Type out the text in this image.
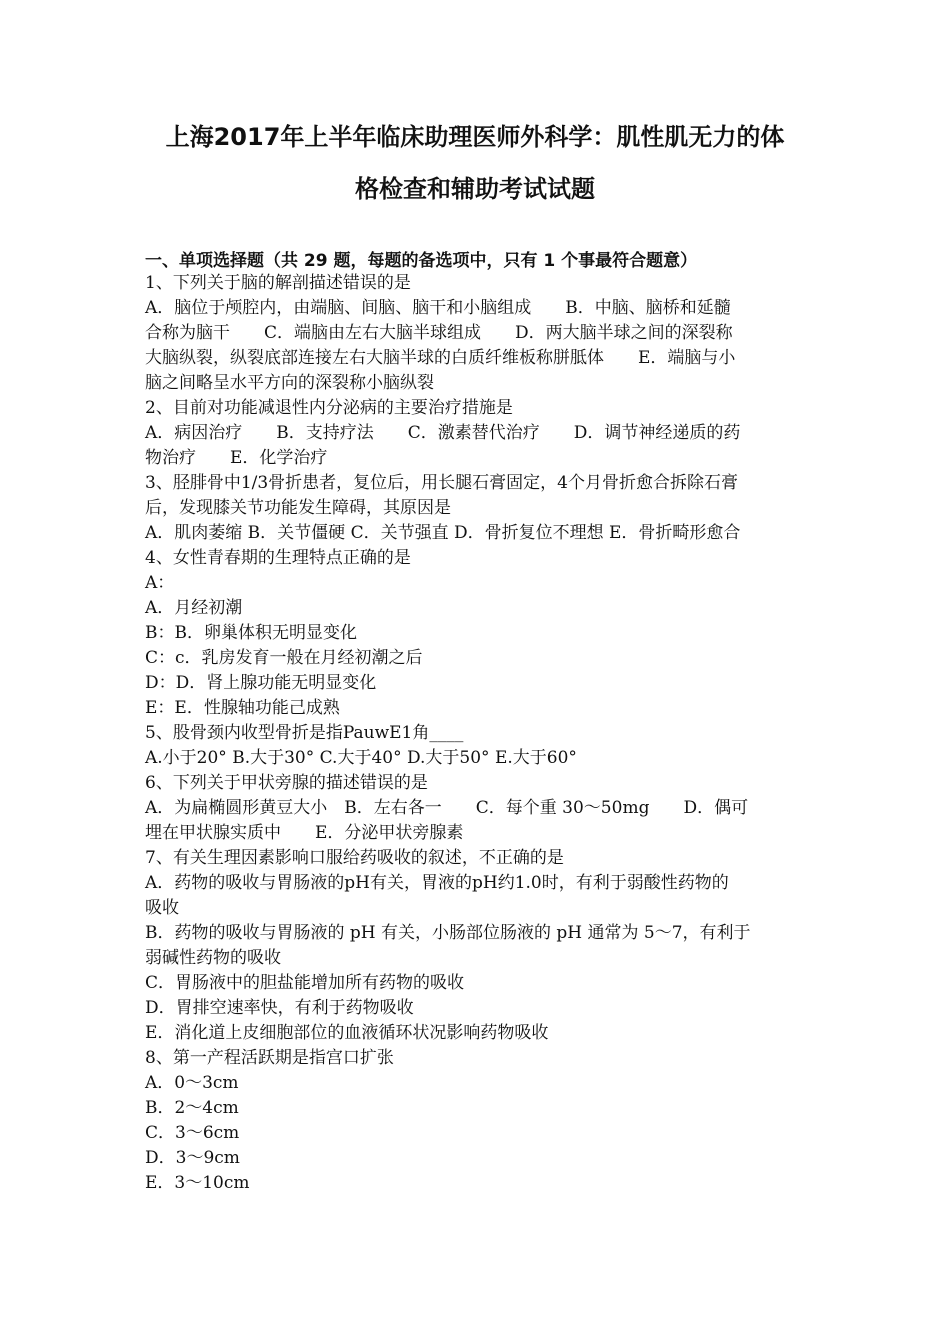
上海2017年上半年临床助理医师外科学：肌性肌无力的体
格检查和辅助考试试题
一、单项选择题（共 29 题，每题的备选项中，只有 1 个事最符合题意）
1、下列关于脑的解剖描述错误的是
A．脑位于颅腔内，由端脑、间脑、脑干和小脑组成　　B．中脑、脑桥和延髓
合称为脑干　　C．端脑由左右大脑半球组成　　D．两大脑半球之间的深裂称
大脑纵裂，纵裂底部连接左右大脑半球的白质纤维板称胼胝体　　E．端脑与小
脑之间略呈水平方向的深裂称小脑纵裂
2、目前对功能减退性内分泌病的主要治疗措施是
A．病因治疗　　B．支持疗法　　C．激素替代治疗　　D．调节神经递质的药
物治疗　　E．化学治疗
3、胫腓骨中1/3骨折患者，复位后，用长腿石膏固定，4个月骨折愈合拆除石膏
后，发现膝关节功能发生障碍，其原因是
A．肌肉萎缩 B．关节僵硬 C．关节强直 D．骨折复位不理想 E．骨折畸形愈合
4、女性青春期的生理特点正确的是
A：
A．月经初潮
B：B．卵巢体积无明显变化
C：c．乳房发育一般在月经初潮之后
D：D．肾上腺功能无明显变化
E：E．性腺轴功能己成熟
5、股骨颈内收型骨折是指PauwE1角____
A.小于20° B.大于30° C.大于40° D.大于50° E.大于60°
6、下列关于甲状旁腺的描述错误的是
A．为扁椭圆形黄豆大小　B．左右各一　　C．每个重 30～50mg　　D．偶可
埋在甲状腺实质中　　E．分泌甲状旁腺素
7、有关生理因素影响口服给药吸收的叙述，不正确的是
A．药物的吸收与胃肠液的pH有关，胃液的pH约1.0时，有利于弱酸性药物的
吸收
B．药物的吸收与胃肠液的 pH 有关，小肠部位肠液的 pH 通常为 5～7，有利于
弱碱性药物的吸收
C．胃肠液中的胆盐能增加所有药物的吸收
D．胃排空速率快，有利于药物吸收
E．消化道上皮细胞部位的血液循环状况影响药物吸收
8、第一产程活跃期是指宫口扩张
A．0～3cm
B．2～4cm
C．3～6cm
D．3～9cm
E．3～10cm
